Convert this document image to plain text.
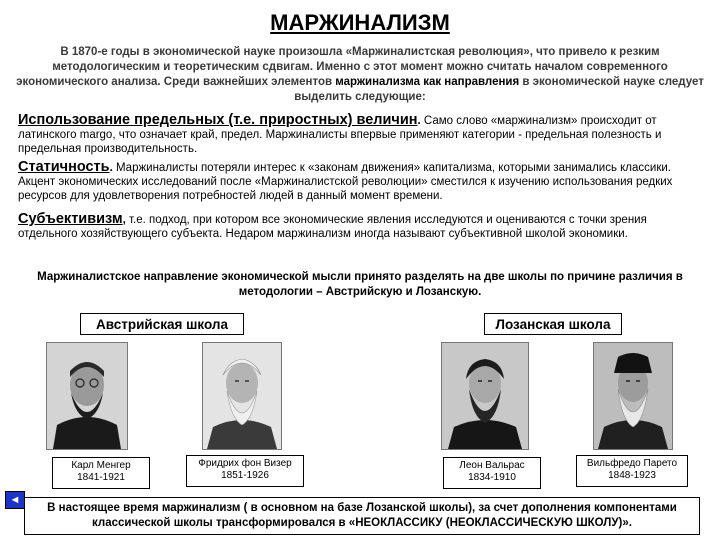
МАРЖИНАЛИЗМ
В 1870-е годы в экономической науке произошла «Маржиналистская революция», что привело к резким методологическим и теоретическим сдвигам. Именно с этот момент можно считать началом современного экономического анализа. Среди важнейших элементов маржинализма как направления в экономической науке следует выделить следующие:
Использование предельных (т.е. приростных) величин. Само слово «маржинализм» происходит от латинского margo, что означает край, предел. Маржиналисты впервые применяют категории - предельная полезность и предельная производительность.
Статичность. Маржиналисты потеряли интерес к «законам движения» капитализма, которыми занимались классики. Акцент экономических исследований после «Маржиналистской революции» сместился к изучению использования редких ресурсов для удовлетворения потребностей людей в данный момент времени.
Субъективизм, т.е. подход, при котором все экономические явления исследуются и оцениваются с точки зрения отдельного хозяйствующего субъекта. Недаром маржинализм иногда называют субъективной школой экономики.
Маржиналистское направление экономической мысли принято разделять на две школы по причине различия в методологии – Австрийскую и Лозанскую.
Австрийская школа	Лозанская школа
Карл Менгер
1841-1921
Фридрих фон Визер
1851-1926
Леон Вальрас
1834-1910
Вильфредо Парето
1848-1923
◄
В настоящее время маржинализм ( в основном на базе Лозанской школы), за счет дополнения компонентами классической школы трансформировался в «НЕОКЛАССИКУ (НЕОКЛАССИЧЕСКУЮ ШКОЛУ)».
